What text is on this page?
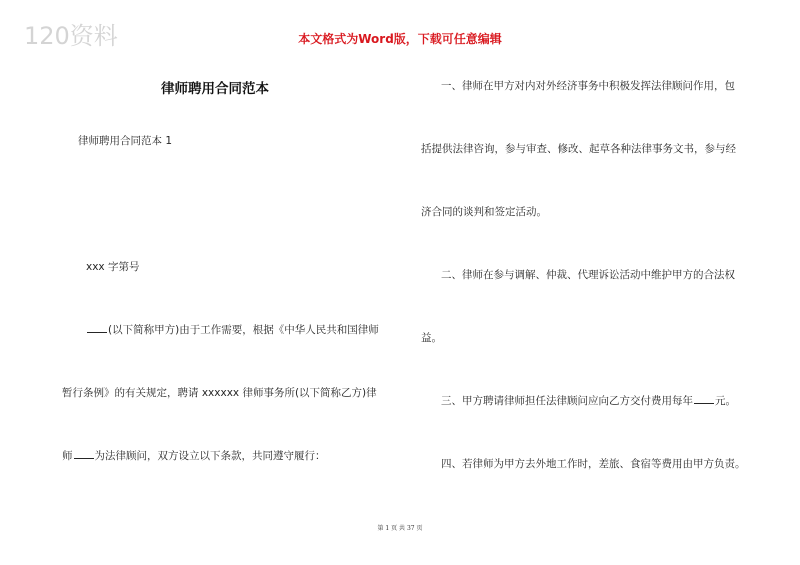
120资料	本文格式为Word版，下载可任意编辑
律师聘用合同范本
律师聘用合同范本 1
xxx 字第号
(以下简称甲方)由于工作需要，根据《中华人民共和国律师
暂行条例》的有关规定，聘请 xxxxxx 律师事务所(以下简称乙方)律
师 为法律顾问，双方设立以下条款，共同遵守履行：
一、律师在甲方对内对外经济事务中积极发挥法律顾问作用，包
括提供法律咨询，参与审查、修改、起草各种法律事务文书，参与经
济合同的谈判和签定活动。
二、律师在参与调解、仲裁、代理诉讼活动中维护甲方的合法权
益。
三、甲方聘请律师担任法律顾问应向乙方交付费用每年 元。
四、若律师为甲方去外地工作时，差旅、食宿等费用由甲方负责。
第 1 页 共 37 页
